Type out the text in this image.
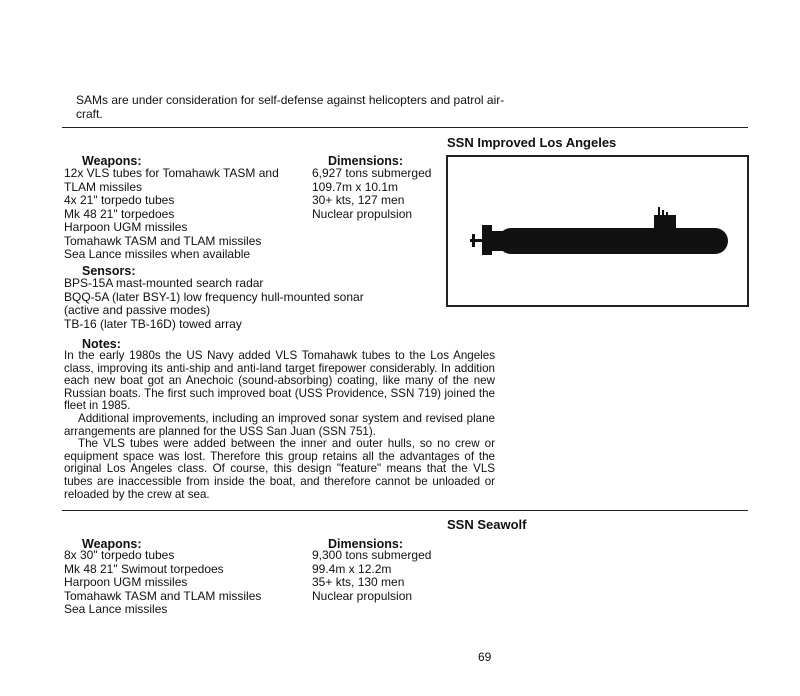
SAMs are under consideration for self-defense against helicopters and patrol air-
craft.
SSN Improved Los Angeles
Weapons:
12x VLS tubes for Tomahawk TASM and
TLAM missiles
4x 21" torpedo tubes
Mk 48 21" torpedoes
Harpoon UGM missiles
Tomahawk TASM and TLAM missiles
Sea Lance missiles when available
Dimensions:
6,927 tons submerged
109.7m x 10.1m
30+ kts, 127 men
Nuclear propulsion
Sensors:
BPS-15A mast-mounted search radar
BQQ-5A (later BSY-1) low frequency hull-mounted sonar
(active and passive modes)
TB-16 (later TB-16D) towed array
Notes:

In the early 1980s the US Navy added VLS Tomahawk tubes to the Los Angeles class, improving its anti-ship and anti-land target firepower considerably. In addition each new boat got an Anechoic (sound-absorbing) coating, like many of the new Russian boats. The first such improved boat (USS Providence, SSN 719) joined the fleet in 1985.

Additional improvements, including an improved sonar system and revised plane arrangements are planned for the USS San Juan (SSN 751).

The VLS tubes were added between the inner and outer hulls, so no crew or equipment space was lost. Therefore this group retains all the advantages of the original Los Angeles class. Of course, this design "feature" means that the VLS tubes are inaccessible from inside the boat, and therefore cannot be unloaded or reloaded by the crew at sea.

SSN Seawolf
Weapons:
8x 30" torpedo tubes
Mk 48 21" Swimout torpedoes
Harpoon UGM missiles
Tomahawk TASM and TLAM missiles
Sea Lance missiles
Dimensions:
9,300 tons submerged
99.4m x 12.2m
35+ kts, 130 men
Nuclear propulsion
69
